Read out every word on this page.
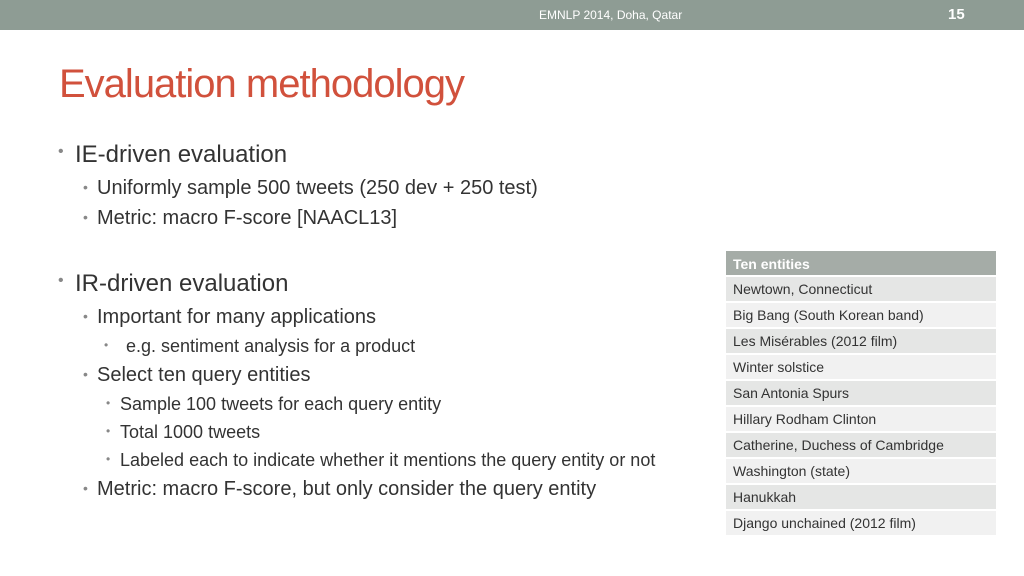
EMNLP 2014, Doha, Qatar	15
Evaluation methodology
• IE-driven evaluation
• Uniformly sample 500 tweets (250 dev + 250 test)
• Metric: macro F-score [NAACL13]
• IR-driven evaluation
• Important for many applications
• e.g. sentiment analysis for a product
• Select ten query entities
• Sample 100 tweets for each query entity
• Total 1000 tweets
• Labeled each to indicate whether it mentions the query entity or not
• Metric: macro F-score, but only consider the query entity
Ten entities
Newtown, Connecticut
Big Bang (South Korean band)
Les Misérables (2012 film)
Winter solstice
San Antonia Spurs
Hillary Rodham Clinton
Catherine, Duchess of Cambridge
Washington (state)
Hanukkah
Django unchained (2012 film)
